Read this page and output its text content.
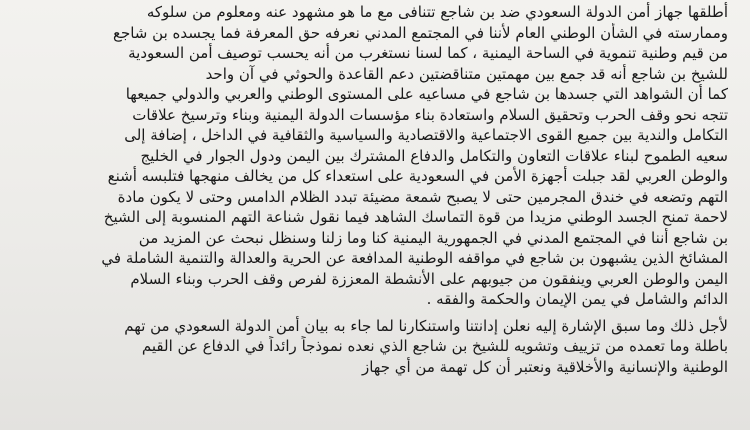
أطلقها جهاز أمن الدولة السعودي ضد بن شاجع تتنافى مع ما هو مشهود عنه ومعلوم من سلوكه
وممارسته في الشأن الوطني العام لأننا في المجتمع المدني نعرفه حق المعرفة فما يجسده بن شاجع
من قيم وطنية تنموية في الساحة اليمنية ، كما لسنا نستغرب من أنه يحسب توصيف أمن السعودية
للشيخ بن شاجع أنه قد جمع بين مهمتين متناقضتين دعم القاعدة والحوثي في آن واحد
كما أن الشواهد التي جسدها بن شاجع في مساعيه على المستوى الوطني والعربي والدولي جميعها
تتجه نحو وقف الحرب وتحقيق السلام واستعادة بناء مؤسسات الدولة اليمنية وبناء وترسيخ علاقات
التكامل والندية بين جميع القوى الاجتماعية والاقتصادية والسياسية والثقافية في الداخل ، إضافة إلى
سعيه الطموح لبناء علاقات التعاون والتكامل والدفاع المشترك بين اليمن ودول الجوار في الخليج
والوطن العربي لقد جبلت أجهزة الأمن في السعودية على استعداء كل من يخالف منهجها فتلبسه أشنع
التهم وتضعه في خندق المجرمين حتى لا يصبح شمعة مضيئة تبدد الظلام الدامس وحتى لا يكون مادة
لاحمة تمنح الجسد الوطني مزيدا من قوة التماسك الشاهد فيما نقول شناعة التهم المنسوبة إلى الشيخ
بن شاجع أننا في المجتمع المدني في الجمهورية اليمنية كنا وما زلنا وسنظل نبحث عن المزيد من
المشائخ الذين يشبهون بن شاجع في مواقفه الوطنية المدافعة عن الحرية والعدالة والتنمية الشاملة في
اليمن والوطن العربي وينفقون من جيوبهم على الأنشطة المعززة لفرص وقف الحرب وبناء السلام
الدائم والشامل في يمن الإيمان والحكمة والفقه .
لأجل ذلك وما سبق الإشارة إليه نعلن إدانتنا واستنكارنا لما جاء به بيان أمن الدولة السعودي من تهم
باطلة وما تعمده من تزييف وتشويه للشيخ بن شاجع الذي نعده نموذجاً رائداً في الدفاع عن القيم
الوطنية والإنسانية والأخلاقية ونعتبر أن كل تهمة من أي جهاز
